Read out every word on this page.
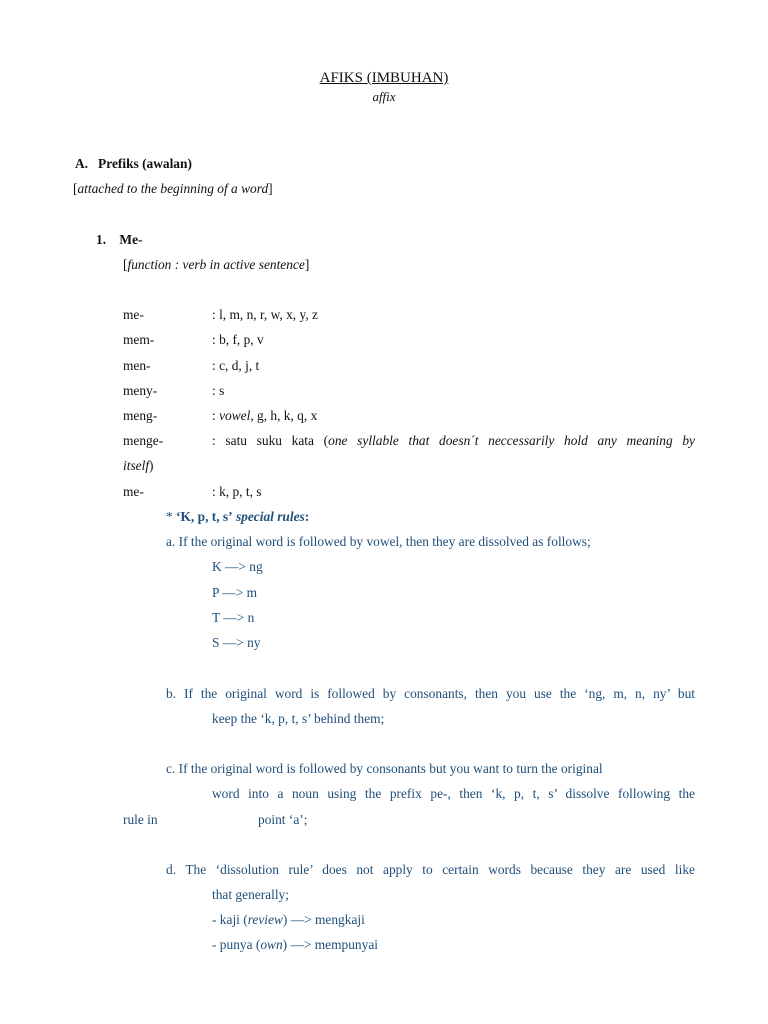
AFIKS (IMBUHAN)
affix
A.   Prefiks (awalan)
[attached to the beginning of a word]
1.    Me-
[function : verb in active sentence]
me-	: l, m, n, r, w, x, y, z
mem-	: b, f, p, v
men-	: c, d, j, t
meny-	: s
meng-	: vowel, g, h, k, q, x
menge-	: satu suku kata (one syllable that doesn´t neccessarily hold any meaning by
itself)
me-	: k, p, t, s
* ‘K, p, t, s’ special rules:
a. If the original word is followed by vowel, then they are dissolved as follows;
K —> ng
P —> m
T —> n
S —> ny
b. If the original word is followed by consonants, then you use the ‘ng, m, n, ny’ but
keep the ‘k, p, t, s’ behind them;
c. If the original word is followed by consonants but you want to turn the original
word into a noun using the prefix pe-, then ‘k, p, t, s’ dissolve following the
rule in	point ‘a’;
d. The ‘dissolution rule’ does not apply to certain words because they are used like
that generally;
- kaji (review) —> mengkaji
- punya (own) —> mempunyai
